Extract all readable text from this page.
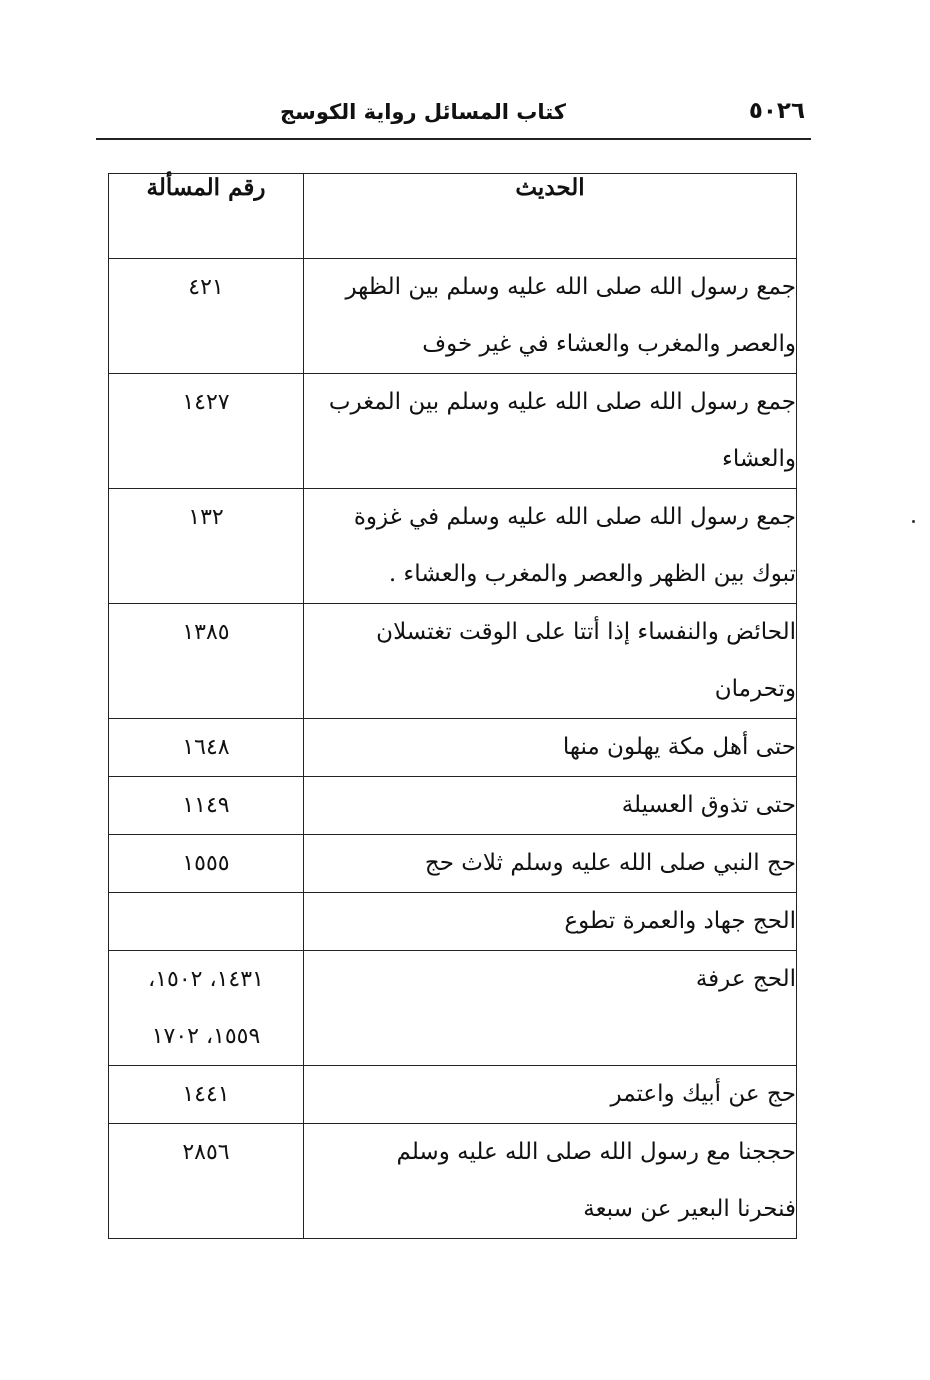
٥٠٢٦
كتاب المسائل رواية الكوسج
الحديث	رقم المسألة

جمع رسول الله صلى الله عليه وسلم بين الظهر
والعصر والمغرب والعشاء في غير خوف	٤٢١

جمع رسول الله صلى الله عليه وسلم بين المغرب
والعشاء	١٤٢٧

جمع رسول الله صلى الله عليه وسلم في غزوة
تبوك بين الظهر والعصر والمغرب والعشاء .	١٣٢

الحائض والنفساء إذا أتتا على الوقت تغتسلان
وتحرمان	١٣٨٥

حتى أهل مكة يهلون منها	١٦٤٨

حتى تذوق العسيلة	١١٤٩

حج النبي صلى الله عليه وسلم ثلاث حج	١٥٥٥

الحج جهاد والعمرة تطوع	

الحج عرفة	١٤٣١، ١٥٠٢،
١٥٥٩، ١٧٠٢

حج عن أبيك واعتمر	١٤٤١

حججنا مع رسول الله صلى الله عليه وسلم
فنحرنا البعير عن سبعة	٢٨٥٦
